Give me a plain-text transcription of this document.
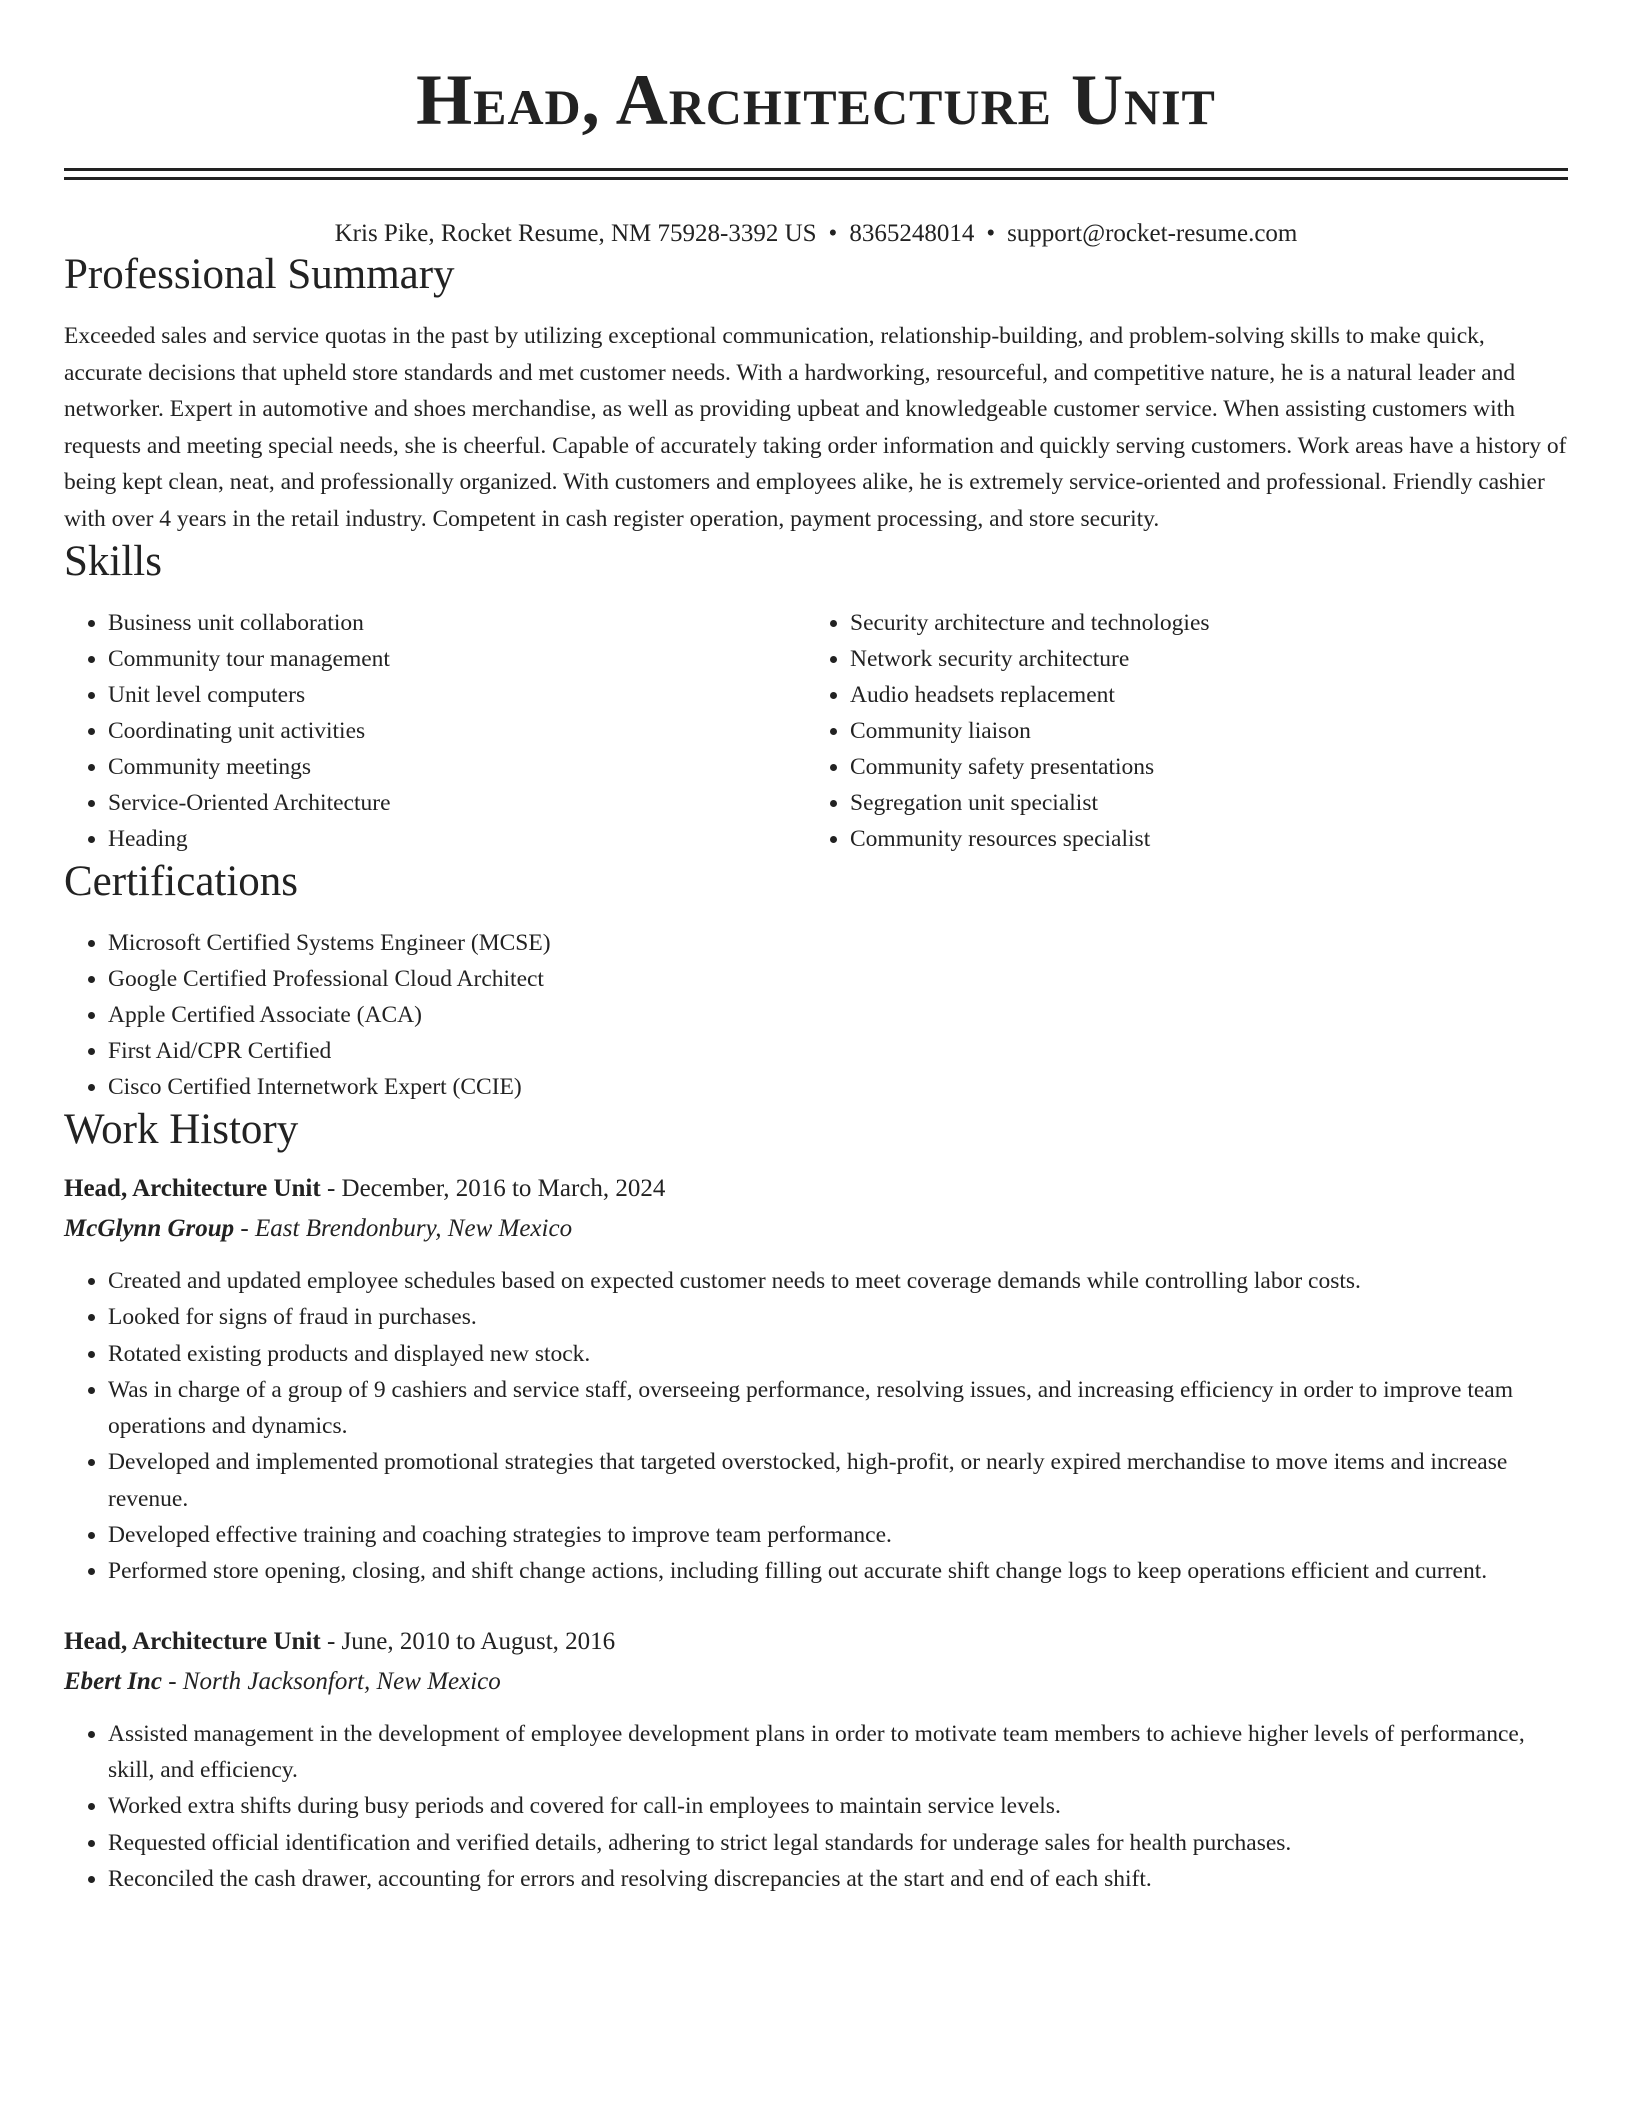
Head, Architecture Unit
Kris Pike, Rocket Resume, NM 75928-3392 US • 8365248014 • support@rocket-resume.com
Professional Summary

Exceeded sales and service quotas in the past by utilizing exceptional communication, relationship-building, and problem-solving skills to make quick, accurate decisions that upheld store standards and met customer needs. With a hardworking, resourceful, and competitive nature, he is a natural leader and networker. Expert in automotive and shoes merchandise, as well as providing upbeat and knowledgeable customer service. When assisting customers with requests and meeting special needs, she is cheerful. Capable of accurately taking order information and quickly serving customers. Work areas have a history of being kept clean, neat, and professionally organized. With customers and employees alike, he is extremely service-oriented and professional. Friendly cashier with over 4 years in the retail industry. Competent in cash register operation, payment processing, and store security.

Skills
• Business unit collaboration
• Community tour management
• Unit level computers
• Coordinating unit activities
• Community meetings
• Service-Oriented Architecture
• Heading
• Security architecture and technologies
• Network security architecture
• Audio headsets replacement
• Community liaison
• Community safety presentations
• Segregation unit specialist
• Community resources specialist
Certifications
• Microsoft Certified Systems Engineer (MCSE)
• Google Certified Professional Cloud Architect
• Apple Certified Associate (ACA)
• First Aid/CPR Certified
• Cisco Certified Internetwork Expert (CCIE)
Work History
Head, Architecture Unit - December, 2016 to March, 2024
McGlynn Group - East Brendonbury, New Mexico
• Created and updated employee schedules based on expected customer needs to meet coverage demands while controlling labor costs.
• Looked for signs of fraud in purchases.
• Rotated existing products and displayed new stock.
• Was in charge of a group of 9 cashiers and service staff, overseeing performance, resolving issues, and increasing efficiency in order to improve team operations and dynamics.
• Developed and implemented promotional strategies that targeted overstocked, high-profit, or nearly expired merchandise to move items and increase revenue.
• Developed effective training and coaching strategies to improve team performance.
• Performed store opening, closing, and shift change actions, including filling out accurate shift change logs to keep operations efficient and current.
Head, Architecture Unit - June, 2010 to August, 2016
Ebert Inc - North Jacksonfort, New Mexico
• Assisted management in the development of employee development plans in order to motivate team members to achieve higher levels of performance, skill, and efficiency.
• Worked extra shifts during busy periods and covered for call-in employees to maintain service levels.
• Requested official identification and verified details, adhering to strict legal standards for underage sales for health purchases.
• Reconciled the cash drawer, accounting for errors and resolving discrepancies at the start and end of each shift.
